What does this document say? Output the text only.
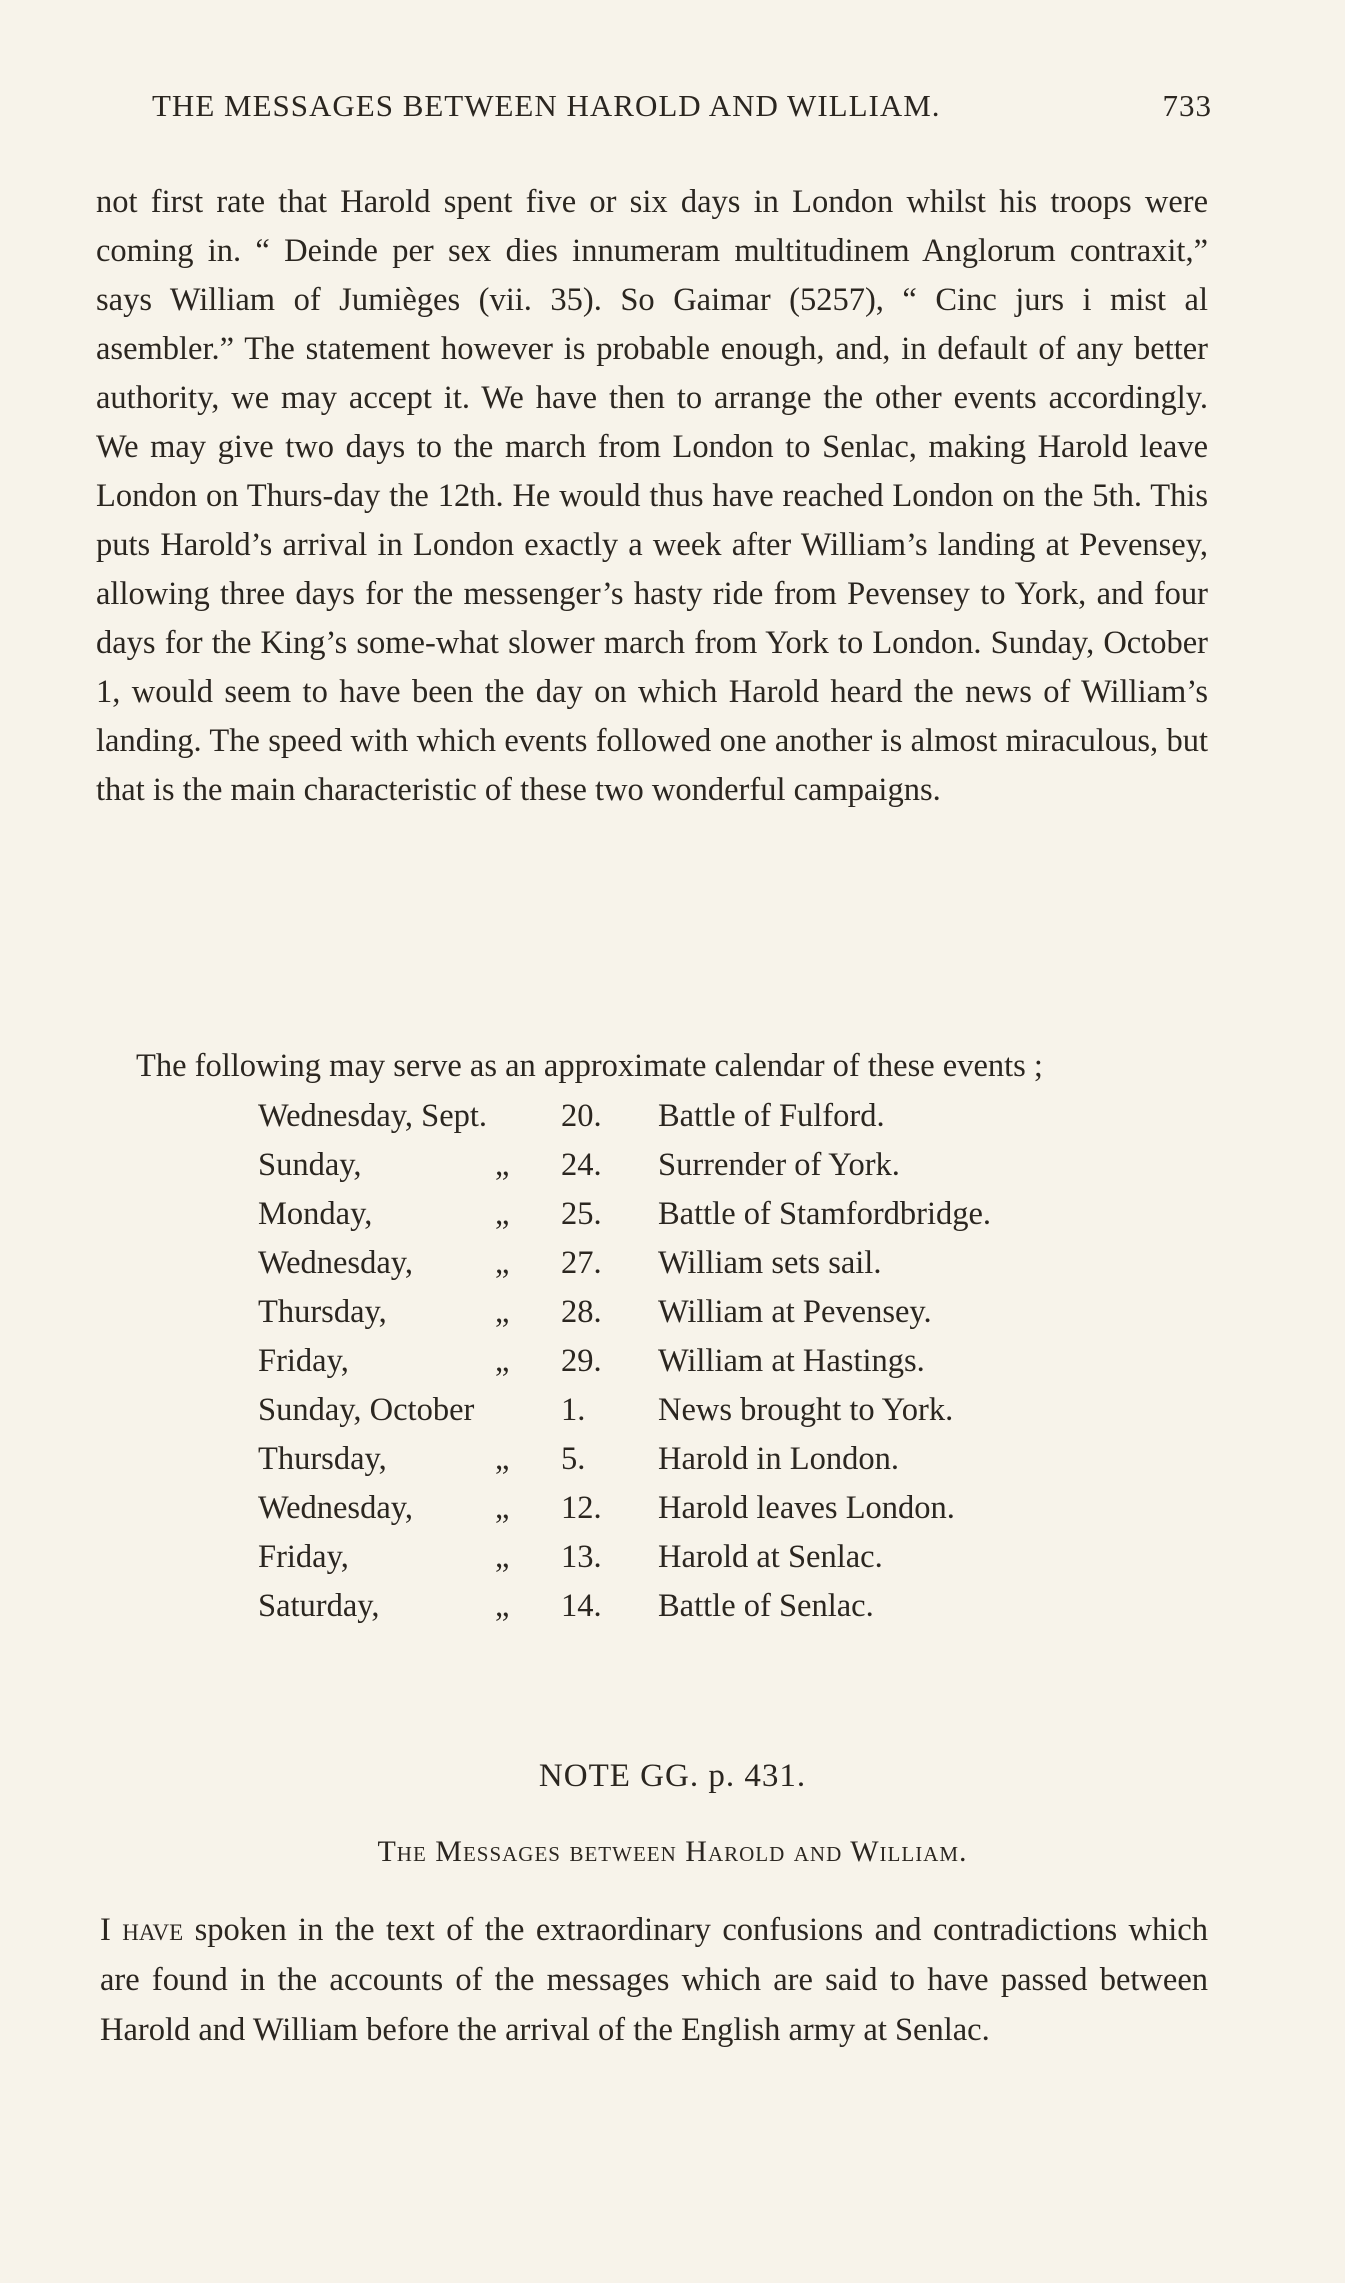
THE MESSAGES BETWEEN HAROLD AND WILLIAM.	733

not first rate that Harold spent five or six days in London whilst his troops were coming in. “ Deinde per sex dies innumeram multitudinem Anglorum contraxit,” says William of Jumièges (vii. 35). So Gaimar (5257), “ Cinc jurs i mist al asembler.” The statement however is probable enough, and, in default of any better authority, we may accept it. We have then to arrange the other events accordingly. We may give two days to the march from London to Senlac, making Harold leave London on Thurs-day the 12th. He would thus have reached London on the 5th. This puts Harold’s arrival in London exactly a week after William’s landing at Pevensey, allowing three days for the messenger’s hasty ride from Pevensey to York, and four days for the King’s some-what slower march from York to London. Sunday, October 1, would seem to have been the day on which Harold heard the news of William’s landing. The speed with which events followed one another is almost miraculous, but that is the main characteristic of these two wonderful campaigns.

The following may serve as an approximate calendar of these events ;

Wednesday, Sept. 20. Battle of Fulford.
Sunday,	„ 24. Surrender of York.
Monday,	„ 25. Battle of Stamfordbridge.
Wednesday,	„ 27. William sets sail.
Thursday,	„ 28. William at Pevensey.
Friday,	„ 29. William at Hastings.
Sunday, October	1. News brought to York.
Thursday,	„ 5. Harold in London.
Wednesday,	„ 12. Harold leaves London.
Friday,	„ 13. Harold at Senlac.
Saturday,	„ 14. Battle of Senlac.
NOTE GG. p. 431.
The Messages between Harold and William.

I have spoken in the text of the extraordinary confusions and contradictions which are found in the accounts of the messages which are said to have passed between Harold and William before the arrival of the English army at Senlac.
